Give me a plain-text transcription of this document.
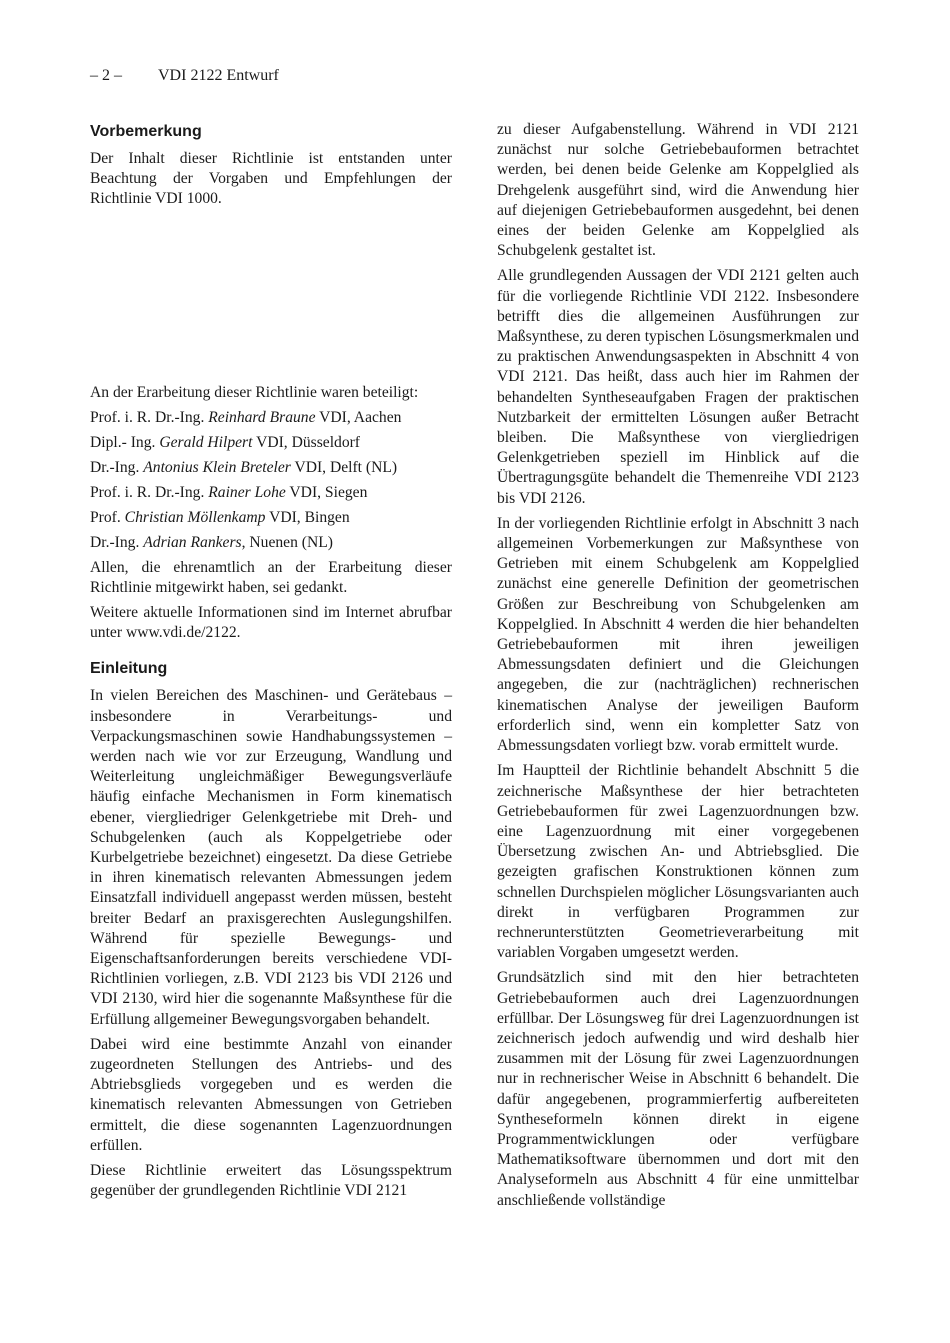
– 2 – VDI 2122 Entwurf
Vorbemerkung

Der Inhalt dieser Richtlinie ist entstanden unter Beachtung der Vorgaben und Empfehlungen der Richtlinie VDI 1000.

An der Erarbeitung dieser Richtlinie waren beteiligt:

Prof. i. R. Dr.-Ing. Reinhard Braune VDI, Aachen

Dipl.- Ing. Gerald Hilpert VDI, Düsseldorf

Dr.-Ing. Antonius Klein Breteler VDI, Delft (NL)

Prof. i. R. Dr.-Ing. Rainer Lohe VDI, Siegen

Prof. Christian Möllenkamp VDI, Bingen

Dr.-Ing. Adrian Rankers, Nuenen (NL)

Allen, die ehrenamtlich an der Erarbeitung dieser Richtlinie mitgewirkt haben, sei gedankt.

Weitere aktuelle Informationen sind im Internet abrufbar unter www.vdi.de/2122.

Einleitung

In vielen Bereichen des Maschinen- und Gerätebaus – insbesondere in Verarbeitungs- und Verpackungsmaschinen sowie Handhabungssystemen – werden nach wie vor zur Erzeugung, Wandlung und Weiterleitung ungleichmäßiger Bewegungsverläufe häufig einfache Mechanismen in Form kinematisch ebener, viergliedriger Gelenkgetriebe mit Dreh- und Schubgelenken (auch als Koppelgetriebe oder Kurbelgetriebe bezeichnet) eingesetzt. Da diese Getriebe in ihren kinematisch relevanten Abmessungen jedem Einsatzfall individuell angepasst werden müssen, besteht breiter Bedarf an praxisgerechten Auslegungshilfen. Während für spezielle Bewegungs- und Eigenschaftsanforderungen bereits verschiedene VDI-Richtlinien vorliegen, z.B. VDI 2123 bis VDI 2126 und VDI 2130, wird hier die sogenannte Maßsynthese für die Erfüllung allgemeiner Bewegungsvorgaben behandelt.

Dabei wird eine bestimmte Anzahl von einander zugeordneten Stellungen des Antriebs- und des Abtriebsglieds vorgegeben und es werden die kinematisch relevanten Abmessungen von Getrieben ermittelt, die diese sogenannten Lagenzuordnungen erfüllen.

Diese Richtlinie erweitert das Lösungsspektrum gegenüber der grundlegenden Richtlinie VDI 2121

zu dieser Aufgabenstellung. Während in VDI 2121 zunächst nur solche Getriebebauformen betrachtet werden, bei denen beide Gelenke am Koppelglied als Drehgelenk ausgeführt sind, wird die Anwendung hier auf diejenigen Getriebebauformen ausgedehnt, bei denen eines der beiden Gelenke am Koppelglied als Schubgelenk gestaltet ist.

Alle grundlegenden Aussagen der VDI 2121 gelten auch für die vorliegende Richtlinie VDI 2122. Insbesondere betrifft dies die allgemeinen Ausführungen zur Maßsynthese, zu deren typischen Lösungsmerkmalen und zu praktischen Anwendungsaspekten in Abschnitt 4 von VDI 2121. Das heißt, dass auch hier im Rahmen der behandelten Syntheseaufgaben Fragen der praktischen Nutzbarkeit der ermittelten Lösungen außer Betracht bleiben. Die Maßsynthese von viergliedrigen Gelenkgetrieben speziell im Hinblick auf die Übertragungsgüte behandelt die Themenreihe VDI 2123 bis VDI 2126.

In der vorliegenden Richtlinie erfolgt in Abschnitt 3 nach allgemeinen Vorbemerkungen zur Maßsynthese von Getrieben mit einem Schubgelenk am Koppelglied zunächst eine generelle Definition der geometrischen Größen zur Beschreibung von Schubgelenken am Koppelglied. In Abschnitt 4 werden die hier behandelten Getriebebauformen mit ihren jeweiligen Abmessungsdaten definiert und die Gleichungen angegeben, die zur (nachträglichen) rechnerischen kinematischen Analyse der jeweiligen Bauform erforderlich sind, wenn ein kompletter Satz von Abmessungsdaten vorliegt bzw. vorab ermittelt wurde.

Im Hauptteil der Richtlinie behandelt Abschnitt 5 die zeichnerische Maßsynthese der hier betrachteten Getriebebauformen für zwei Lagenzuordnungen bzw. eine Lagenzuordnung mit einer vorgegebenen Übersetzung zwischen An- und Abtriebsglied. Die gezeigten grafischen Konstruktionen können zum schnellen Durchspielen möglicher Lösungsvarianten auch direkt in verfügbaren Programmen zur rechnerunterstützten Geometrieverarbeitung mit variablen Vorgaben umgesetzt werden.

Grundsätzlich sind mit den hier betrachteten Getriebebauformen auch drei Lagenzuordnungen erfüllbar. Der Lösungsweg für drei Lagenzuordnungen ist zeichnerisch jedoch aufwendig und wird deshalb hier zusammen mit der Lösung für zwei Lagenzuordnungen nur in rechnerischer Weise in Abschnitt 6 behandelt. Die dafür angegebenen, programmierfertig aufbereiteten Syntheseformeln können direkt in eigene Programmentwicklungen oder verfügbare Mathematiksoftware übernommen und dort mit den Analyseformeln aus Abschnitt 4 für eine unmittelbar anschließende vollständige
